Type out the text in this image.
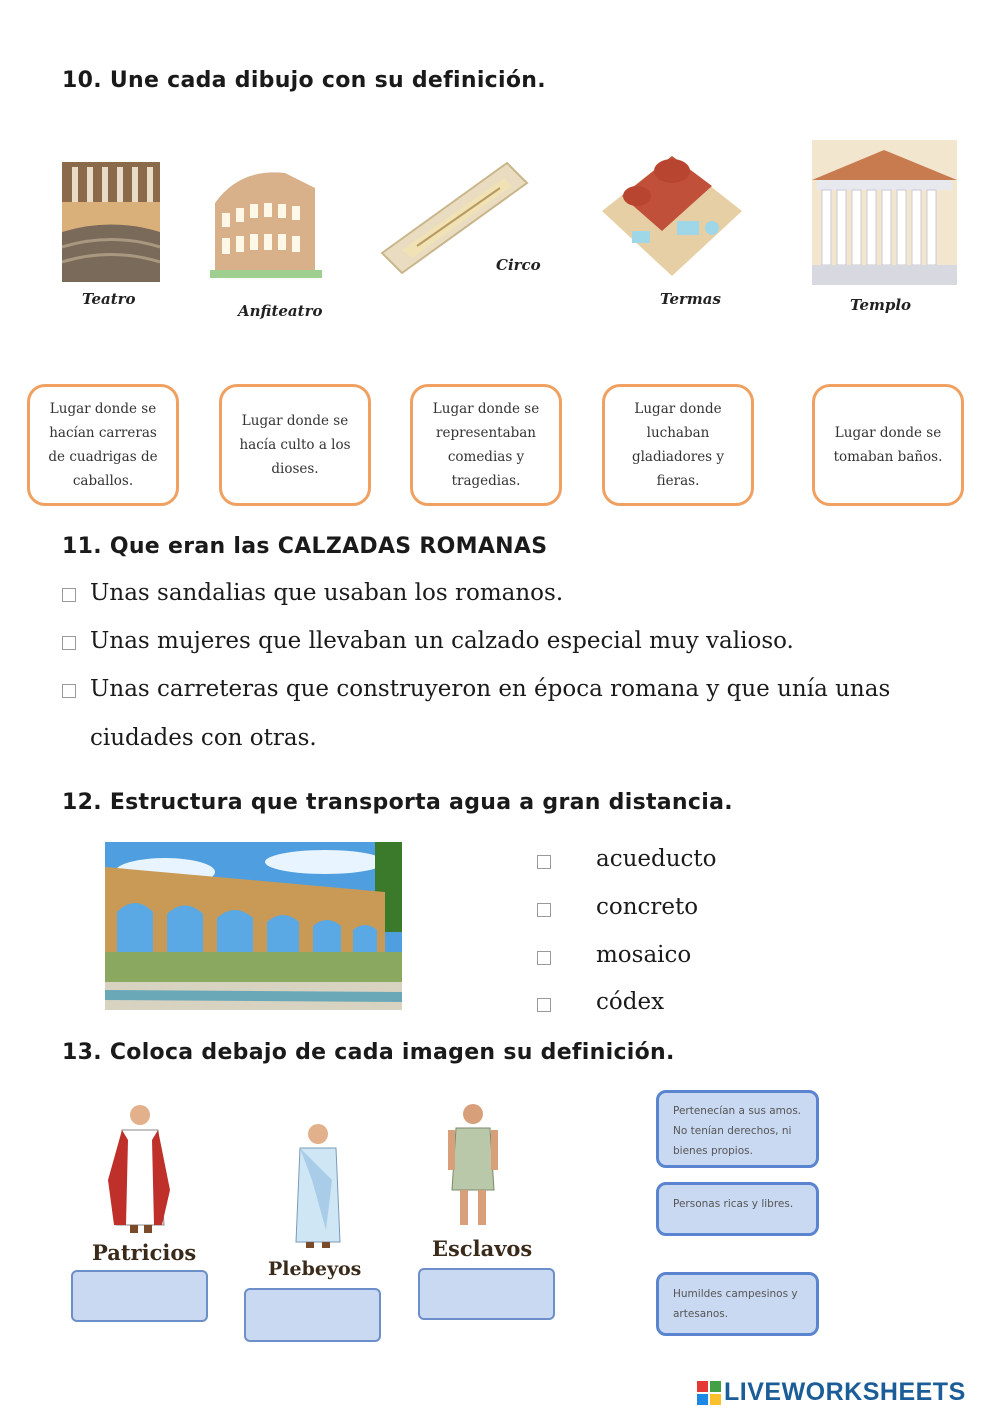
10. Une cada dibujo con su definición.
Teatro
Anfiteatro
Circo
Termas	Templo
Lugar donde se hacían carreras de cuadrigas de caballos.
Lugar donde se hacía culto a los dioses.
Lugar donde se representaban comedias y tragedias.
Lugar donde luchaban gladiadores y fieras.
Lugar donde se tomaban baños.
11. Que eran las CALZADAS ROMANAS
Unas sandalias que usaban los romanos.
Unas mujeres que llevaban un calzado especial muy valioso.
Unas carreteras que construyeron en época romana y que unía unas
ciudades con otras.
12. Estructura que transporta agua a gran distancia.
acueducto
concreto
mosaico
códex
13. Coloca debajo de cada imagen su definición.
Patricios
Plebeyos
Esclavos
Pertenecían a sus amos. No tenían derechos, ni bienes propios.
Personas ricas y libres.
Humildes campesinos y artesanos.
LIVEWORKSHEETS
